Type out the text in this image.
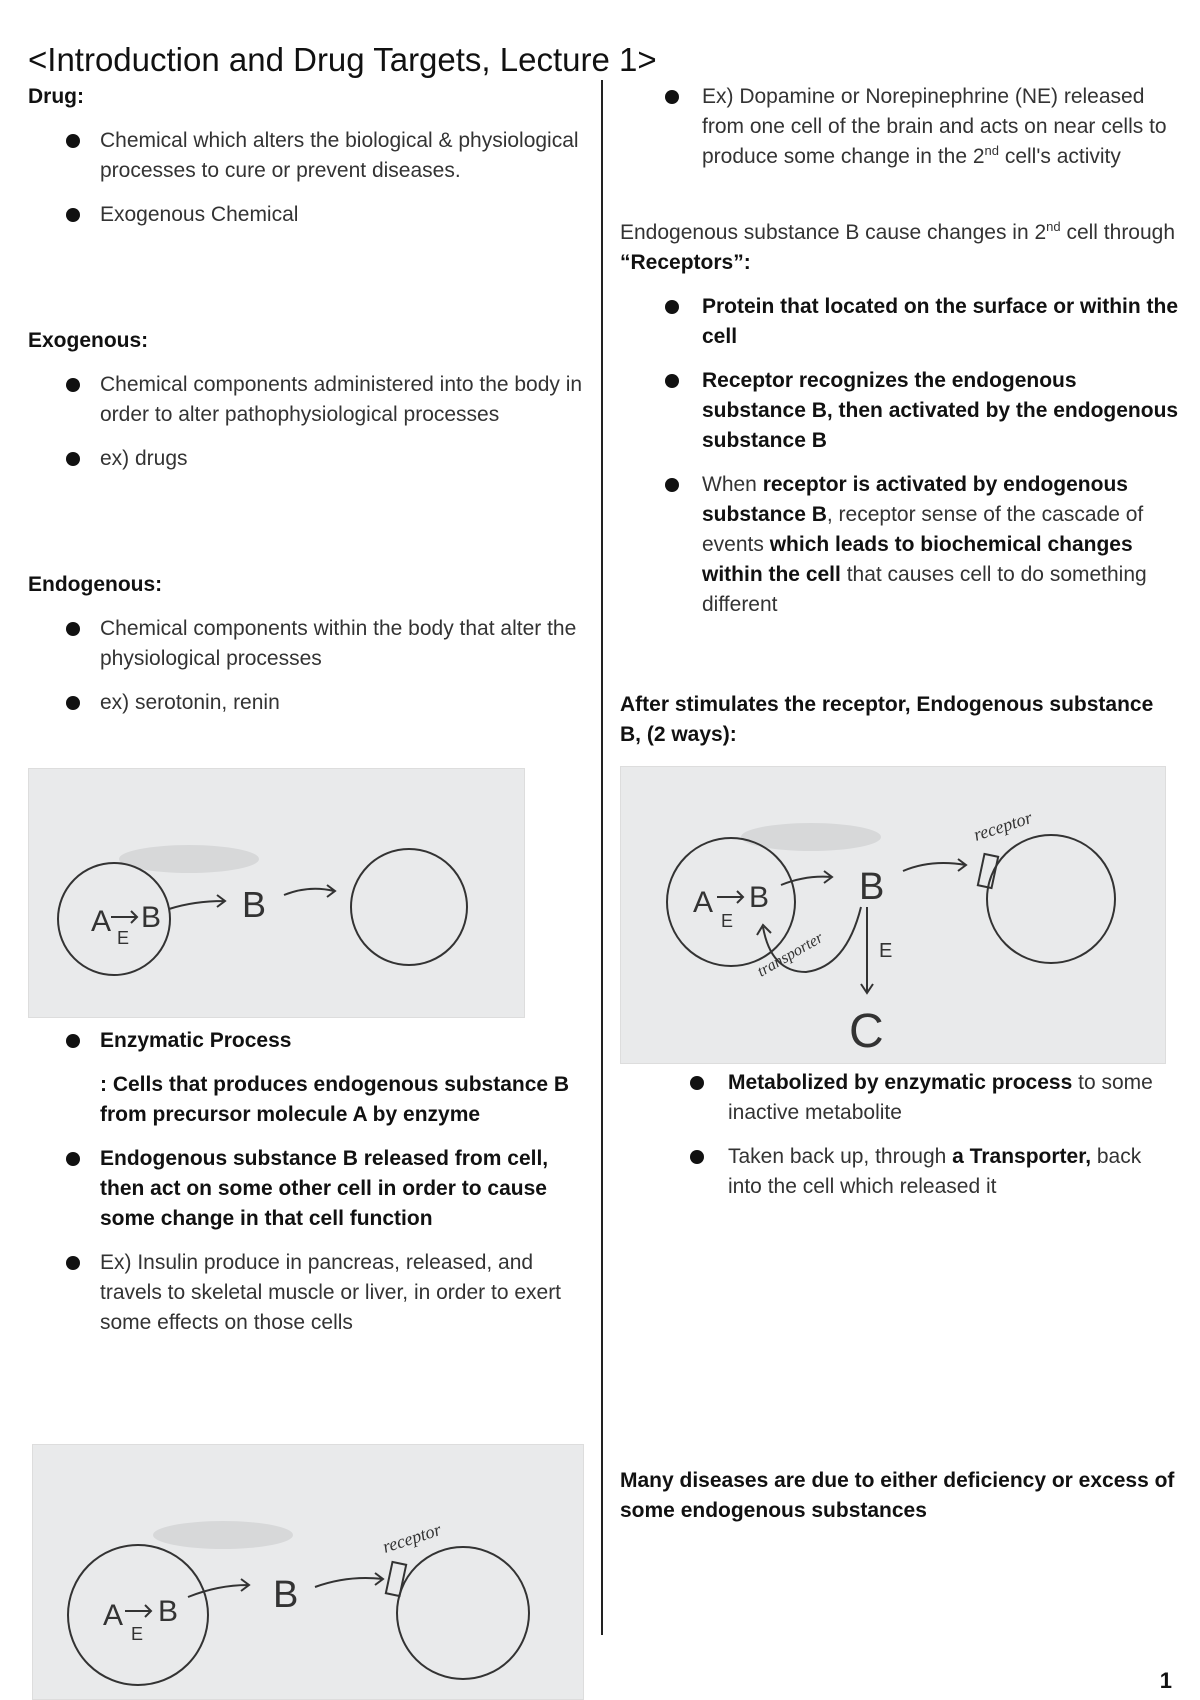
<Introduction and Drug Targets, Lecture 1>
Drug:
Chemical which alters the biological & physiological processes to cure or prevent diseases.
Exogenous Chemical
Exogenous:
Chemical components administered into the body in order to alter pathophysiological processes
ex) drugs
Endogenous:
Chemical components within the body that alter the physiological processes
ex) serotonin, renin
A E
B B
Enzymatic Process
: Cells that produces endogenous substance B from precursor molecule A by enzyme
Endogenous substance B released from cell, then act on some other cell in order to cause some change in that cell function
Ex) Insulin produce in pancreas, released, and travels to skeletal muscle or liver, in order to exert some effects on those cells
A
E
B B
receptor
Ex) Dopamine or Norepinephrine (NE) released from one cell of the brain and acts on near cells to produce some change in the 2nd cell's activity
Endogenous substance B cause changes in 2nd cell through “Receptors”:
Protein that located on the surface or within the cell
Receptor recognizes the endogenous substance B, then activated by the endogenous substance B
When receptor is activated by endogenous substance B, receptor sense of the cascade of events which leads to biochemical changes within the cell that causes cell to do something different
After stimulates the receptor, Endogenous substance B, (2 ways):
A
E
B B
receptor
E
C
transporter
Metabolized by enzymatic process to some inactive metabolite
Taken back up, through a Transporter, back into the cell which released it
Many diseases are due to either deficiency or excess of some endogenous substances
1
